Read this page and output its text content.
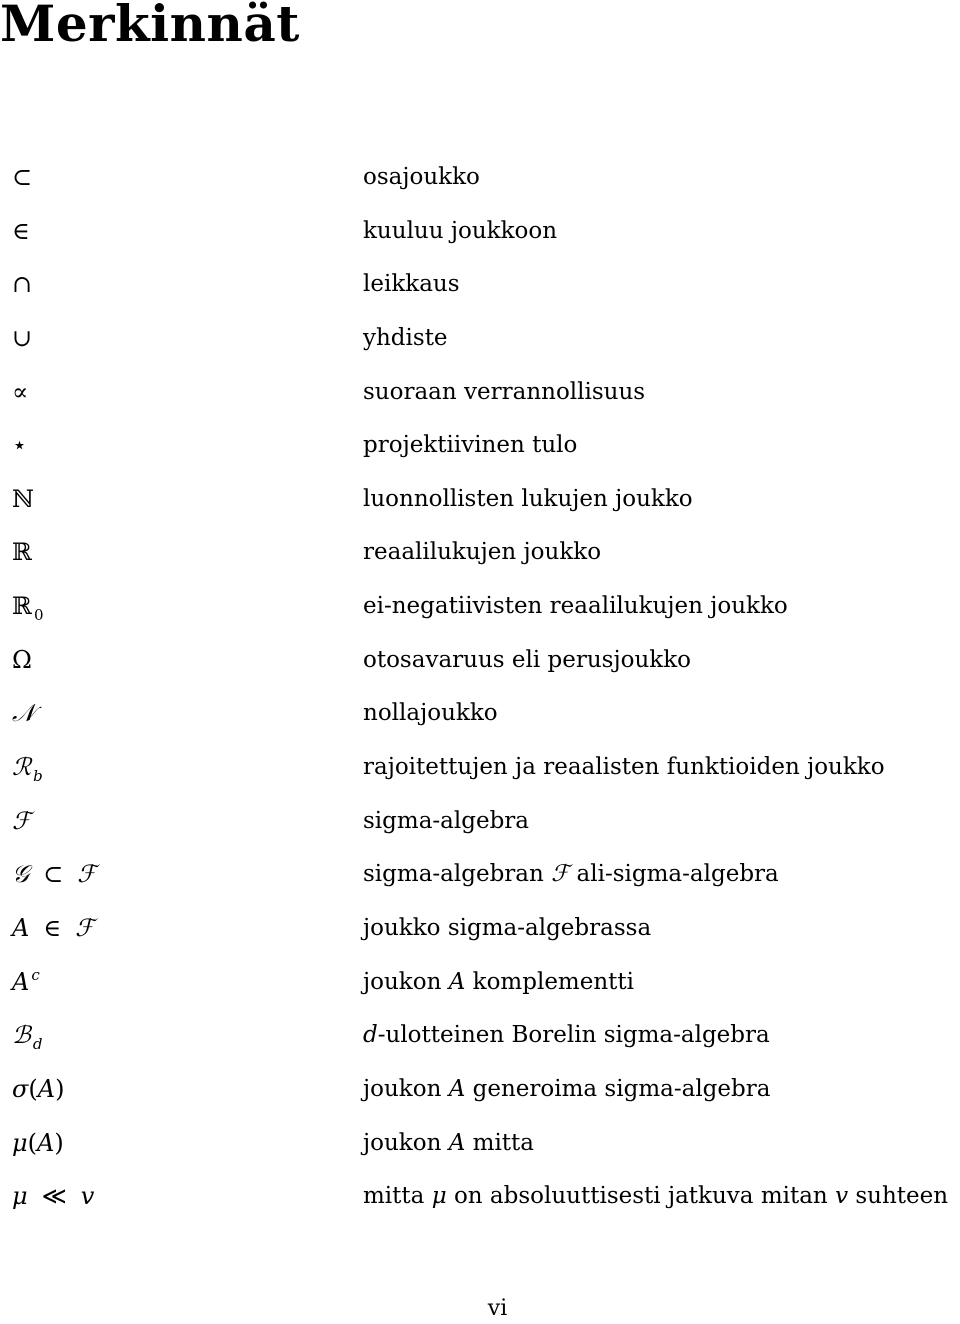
Merkinnät
⊂	osajoukko
∈	kuuluu joukkoon
∩	leikkaus
∪	yhdiste
∝	suoraan verrannollisuus
⋆	projektiivinen tulo
ℕ	luonnollisten lukujen joukko
ℝ	reaalilukujen joukko
ℝ $_0$	ei-negatiivisten reaalilukujen joukko
Ω	otosavaruus eli perusjoukko
𝒩	nollajoukko
ℛ $_b$	rajoitettujen ja reaalisten funktioiden joukko
ℱ	sigma-algebra
𝒢 ⊂ ℱ	sigma-algebran ℱ ali-sigma-algebra
A ∈ ℱ	joukko sigma-algebrassa
A $^c$	joukon A komplementti
ℬ $_d$	d-ulotteinen Borelin sigma-algebra
σ(A)	joukon A generoima sigma-algebra
μ(A)	joukon A mitta
μ ≪ v	mitta μ on absoluuttisesti jatkuva mitan v suhteen
vi
